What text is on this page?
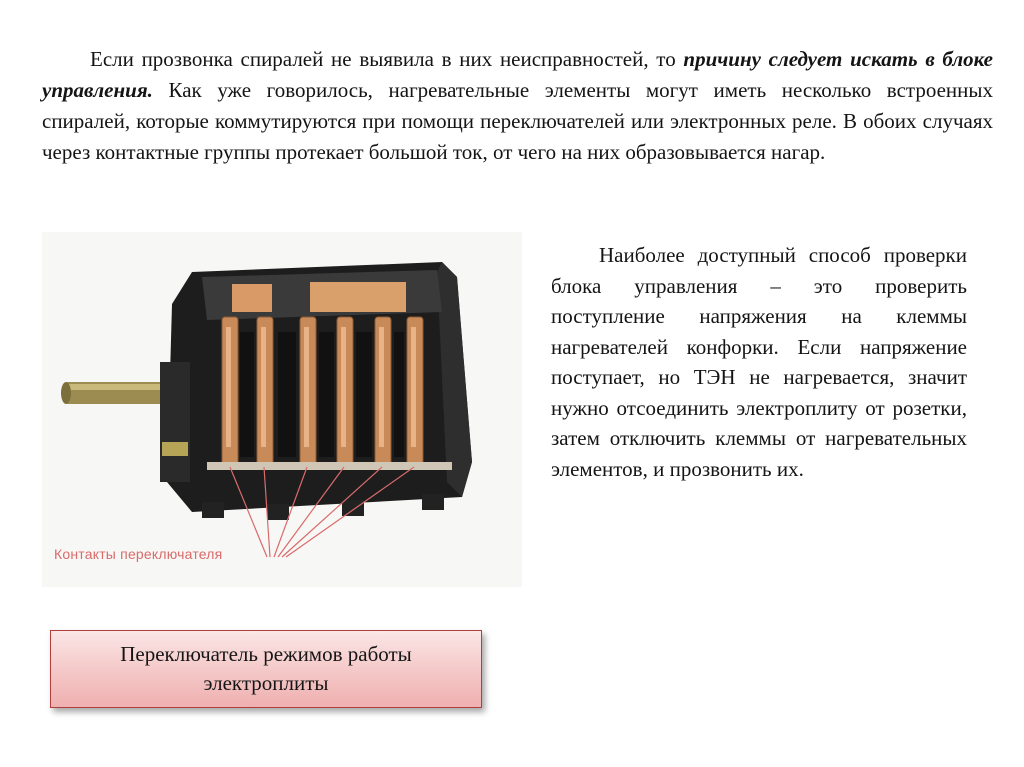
Если прозвонка спиралей не выявила в них неисправностей, то причину следует искать в блоке управления. Как уже говорилось, нагревательные элементы могут иметь несколько встроенных спиралей, которые коммутируются при помощи переключателей или электронных реле. В обоих случаях через контактные группы протекает большой ток, от чего на них образовывается нагар.

Контакты переключателя

Наиболее доступный способ проверки блока управления – это проверить поступление напряжения на клеммы нагревателей конфорки. Если напряжение поступает, но ТЭН не нагревается, значит нужно отсоединить электроплиту от розетки, затем отключить клеммы от нагревательных элементов, и прозвонить их.

Переключатель режимов работы электроплиты
